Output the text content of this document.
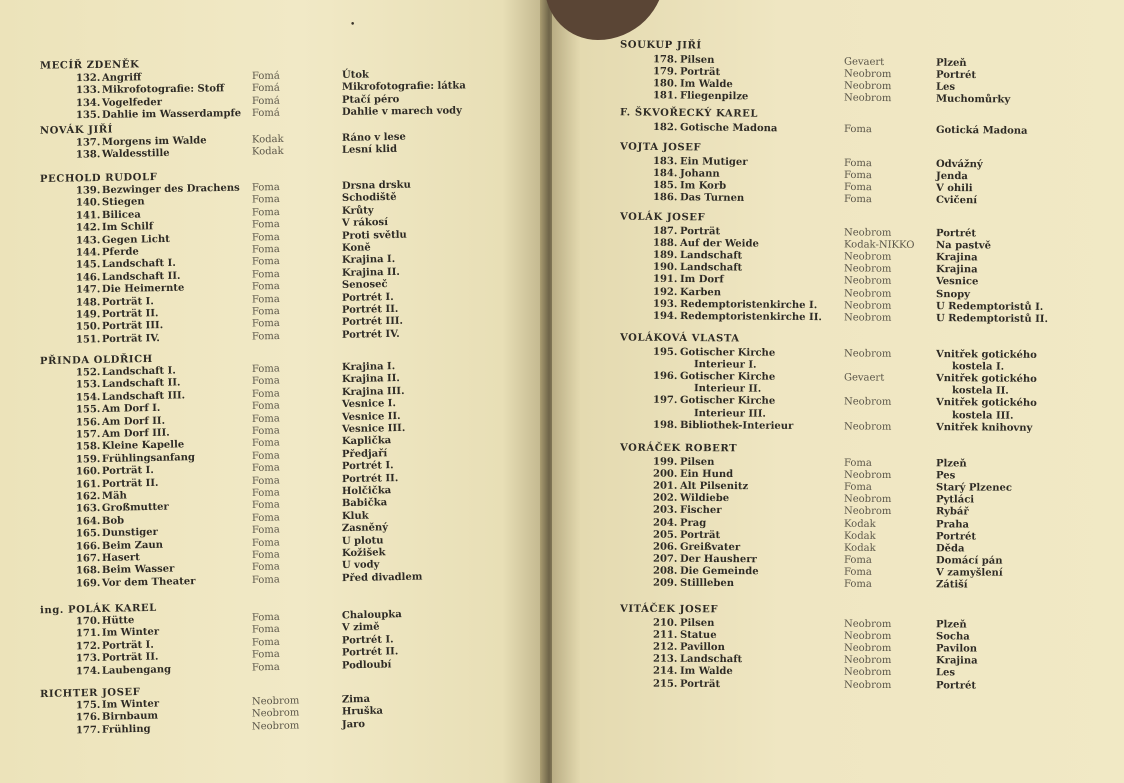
•
MECÍŘ ZDENĚK
132. Angriff	Fomá	Útok
133. Mikrofotografie: Stoff	Fomá	Mikrofotografie: látka
134. Vogelfeder	Fomá	Ptačí péro
135. Dahlie im Wasserdampfe Fomá	Dahlie v marech vody
NOVÁK JIŘÍ
137. Morgens im Walde	Kodak	Ráno v lese
138. Waldesstille	Kodak	Lesní klid
PECHOLD RUDOLF
139. Bezwinger des Drachens Foma	Drsna drsku
140. Stiegen	Foma	Schodiště
141. Bilicea	Foma	Krůty
142. Im Schilf	Foma	V rákosí
143. Gegen Licht	Foma	Proti světlu
144. Pferde	Foma	Koně
145. Landschaft I.	Foma	Krajina I.
146. Landschaft II.	Foma	Krajina II.
147. Die Heimernte	Foma	Senoseč
148. Porträt I.	Foma	Portrét I.
149. Porträt II.	Foma	Portrét II.
150. Porträt III.	Foma	Portrét III.
151. Porträt IV.	Foma	Portrét IV.
PŘINDA OLDŘICH
152. Landschaft I.	Foma	Krajina I.
153. Landschaft II.	Foma	Krajina II.
154. Landschaft III.	Foma	Krajina III.
155. Am Dorf I.	Foma	Vesnice I.
156. Am Dorf II.	Foma	Vesnice II.
157. Am Dorf III.	Foma	Vesnice III.
158. Kleine Kapelle	Foma	Kaplička
159. Frühlingsanfang	Foma	Předjaří
160. Porträt I.	Foma	Portrét I.
161. Porträt II.	Foma	Portrét II.
162. Mäh	Foma	Holčička
163. Großmutter	Foma	Babička
164. Bob	Foma	Kluk
165. Dunstiger	Foma	Zasněný
166. Beim Zaun	Foma	U plotu
167. Hasert	Foma	Kožišek
168. Beim Wasser	Foma	U vody
169. Vor dem Theater	Foma	Před divadlem
ing. POLÁK KAREL
170. Hütte	Foma	Chaloupka
171. Im Winter	Foma	V zimě
172. Porträt I.	Foma	Portrét I.
173. Porträt II.	Foma	Portrét II.
174. Laubengang	Foma	Podloubí
RICHTER JOSEF
175. Im Winter	Neobrom	Zima
176. Birnbaum	Neobrom	Hruška
177. Frühling	Neobrom	Jaro
SOUKUP JIŘÍ
178. Pilsen	Gevaert	Plzeň
179. Porträt	Neobrom	Portrét
180. Im Walde	Neobrom	Les
181. Fliegenpilze	Neobrom	Muchomůrky
F. ŠKVOŘECKÝ KAREL
182. Gotische Madona	Foma	Gotická Madona
VOJTA JOSEF
183. Ein Mutiger	Foma	Odvážný
184. Johann	Foma	Jenda
185. Im Korb	Foma	V ohili
186. Das Turnen	Foma	Cvičení
VOLÁK JOSEF
187. Porträt	Neobrom	Portrét
188. Auf der Weide	Kodak-NIKKO Na pastvě
189. Landschaft	Neobrom	Krajina
190. Landschaft	Neobrom	Krajina
191. Im Dorf	Neobrom	Vesnice
192. Karben	Neobrom	Snopy
193. Redemptoristenkirche I.	Neobrom	U Redemptoristů I.
194. Redemptoristenkirche II. Neobrom	U Redemptoristů II.
VOLÁKOVÁ VLASTA
195. Gotischer Kirche	Neobrom	Vnitřek gotického
Interieur I.	kostela I.
196. Gotischer Kirche	Gevaert	Vnitřek gotického
Interieur II.	kostela II.
197. Gotischer Kirche	Neobrom	Vnitřek gotického
Interieur III.	kostela III.
198. Bibliothek-Interieur	Neobrom	Vnitřek knihovny
VORÁČEK ROBERT
199. Pilsen	Foma	Plzeň
200. Ein Hund	Neobrom	Pes
201. Alt Pilsenitz	Foma	Starý Plzenec
202. Wildiebe	Neobrom	Pytláci
203. Fischer	Neobrom	Rybář
204. Prag	Kodak	Praha
205. Porträt	Kodak	Portrét
206. Greißvater	Kodak	Děda
207. Der Hausherr	Foma	Domácí pán
208. Die Gemeinde	Foma	V zamyšlení
209. Stillleben	Foma	Zátiší
VITÁČEK JOSEF
210. Pilsen	Neobrom	Plzeň
211. Statue	Neobrom	Socha
212. Pavillon	Neobrom	Pavilon
213. Landschaft	Neobrom	Krajina
214. Im Walde	Neobrom	Les
215. Porträt	Neobrom	Portrét
